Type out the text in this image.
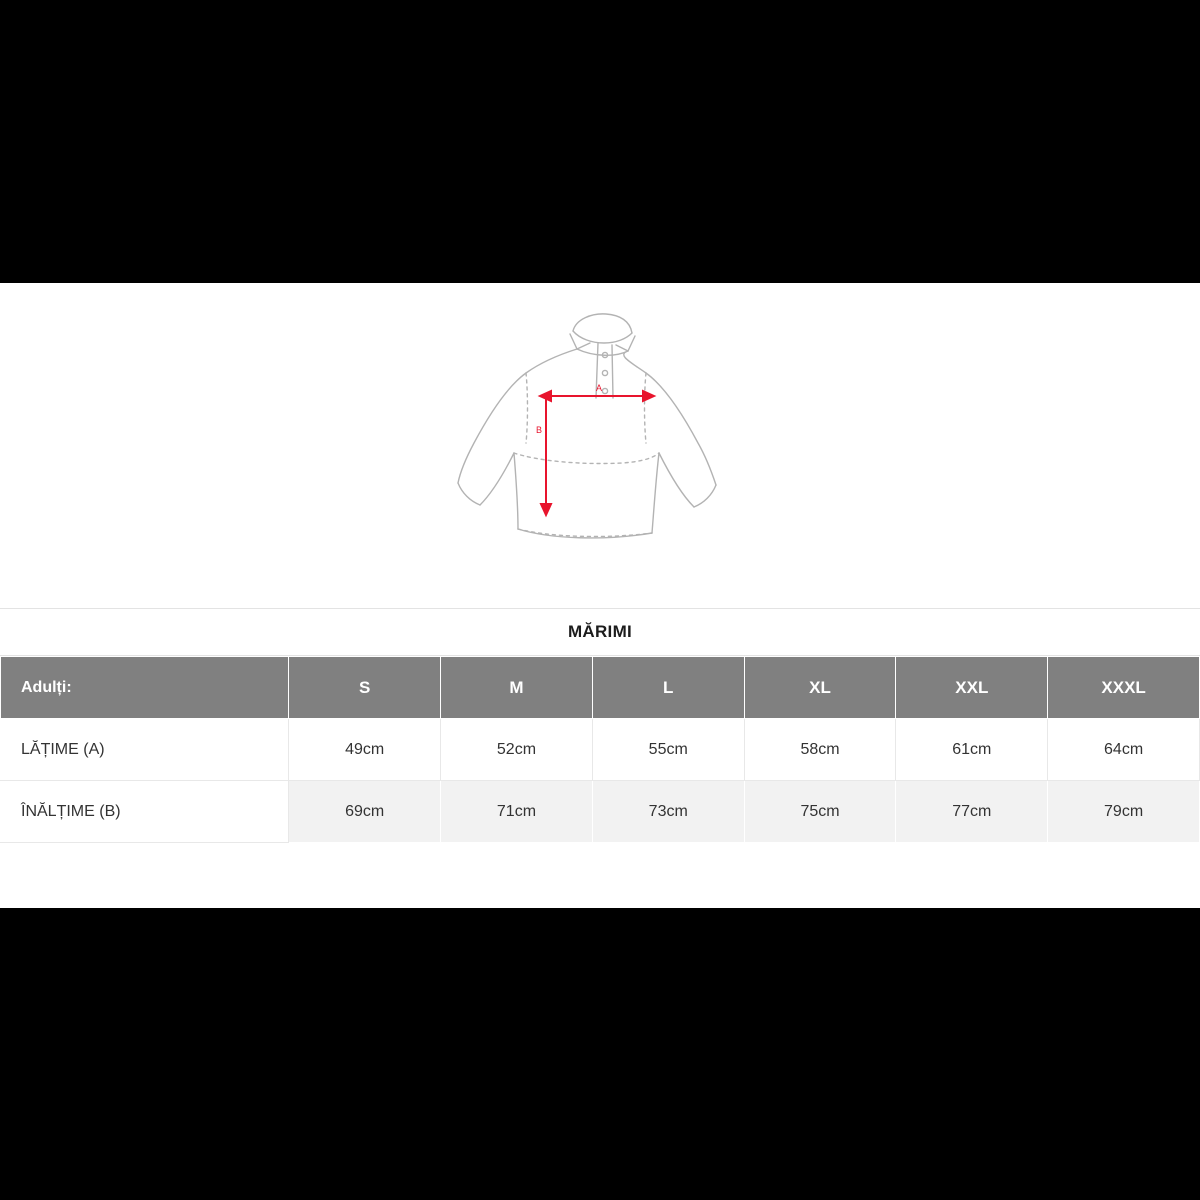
A
B
MĂRIMI
Adulți:	S	M	L	XL	XXL	XXXL
LĂȚIME (A)	49cm	52cm	55cm	58cm	61cm	64cm
ÎNĂLȚIME (B)	69cm	71cm	73cm	75cm	77cm	79cm
